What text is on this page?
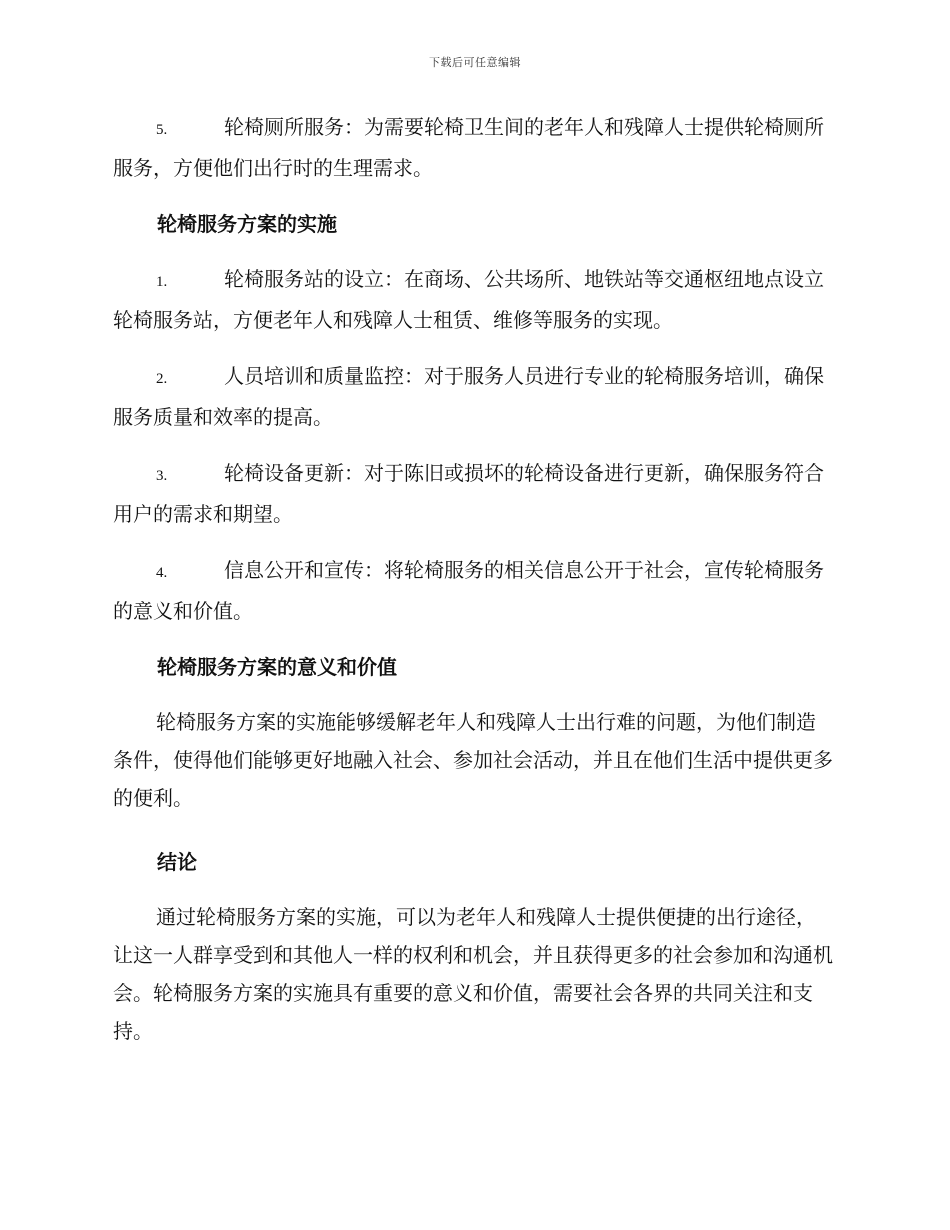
下载后可任意编辑
5.	轮椅厕所服务：为需要轮椅卫生间的老年人和残障人士提供轮椅厕所服务，方便他们出行时的生理需求。
轮椅服务方案的实施
1.	轮椅服务站的设立：在商场、公共场所、地铁站等交通枢纽地点设立轮椅服务站，方便老年人和残障人士租赁、维修等服务的实现。
2.	人员培训和质量监控：对于服务人员进行专业的轮椅服务培训，确保服务质量和效率的提高。
3.	轮椅设备更新：对于陈旧或损坏的轮椅设备进行更新，确保服务符合用户的需求和期望。
4.	信息公开和宣传：将轮椅服务的相关信息公开于社会，宣传轮椅服务的意义和价值。
轮椅服务方案的意义和价值
轮椅服务方案的实施能够缓解老年人和残障人士出行难的问题，为他们制造条件，使得他们能够更好地融入社会、参加社会活动，并且在他们生活中提供更多的便利。
结论
通过轮椅服务方案的实施，可以为老年人和残障人士提供便捷的出行途径，让这一人群享受到和其他人一样的权利和机会，并且获得更多的社会参加和沟通机会。轮椅服务方案的实施具有重要的意义和价值，需要社会各界的共同关注和支持。
